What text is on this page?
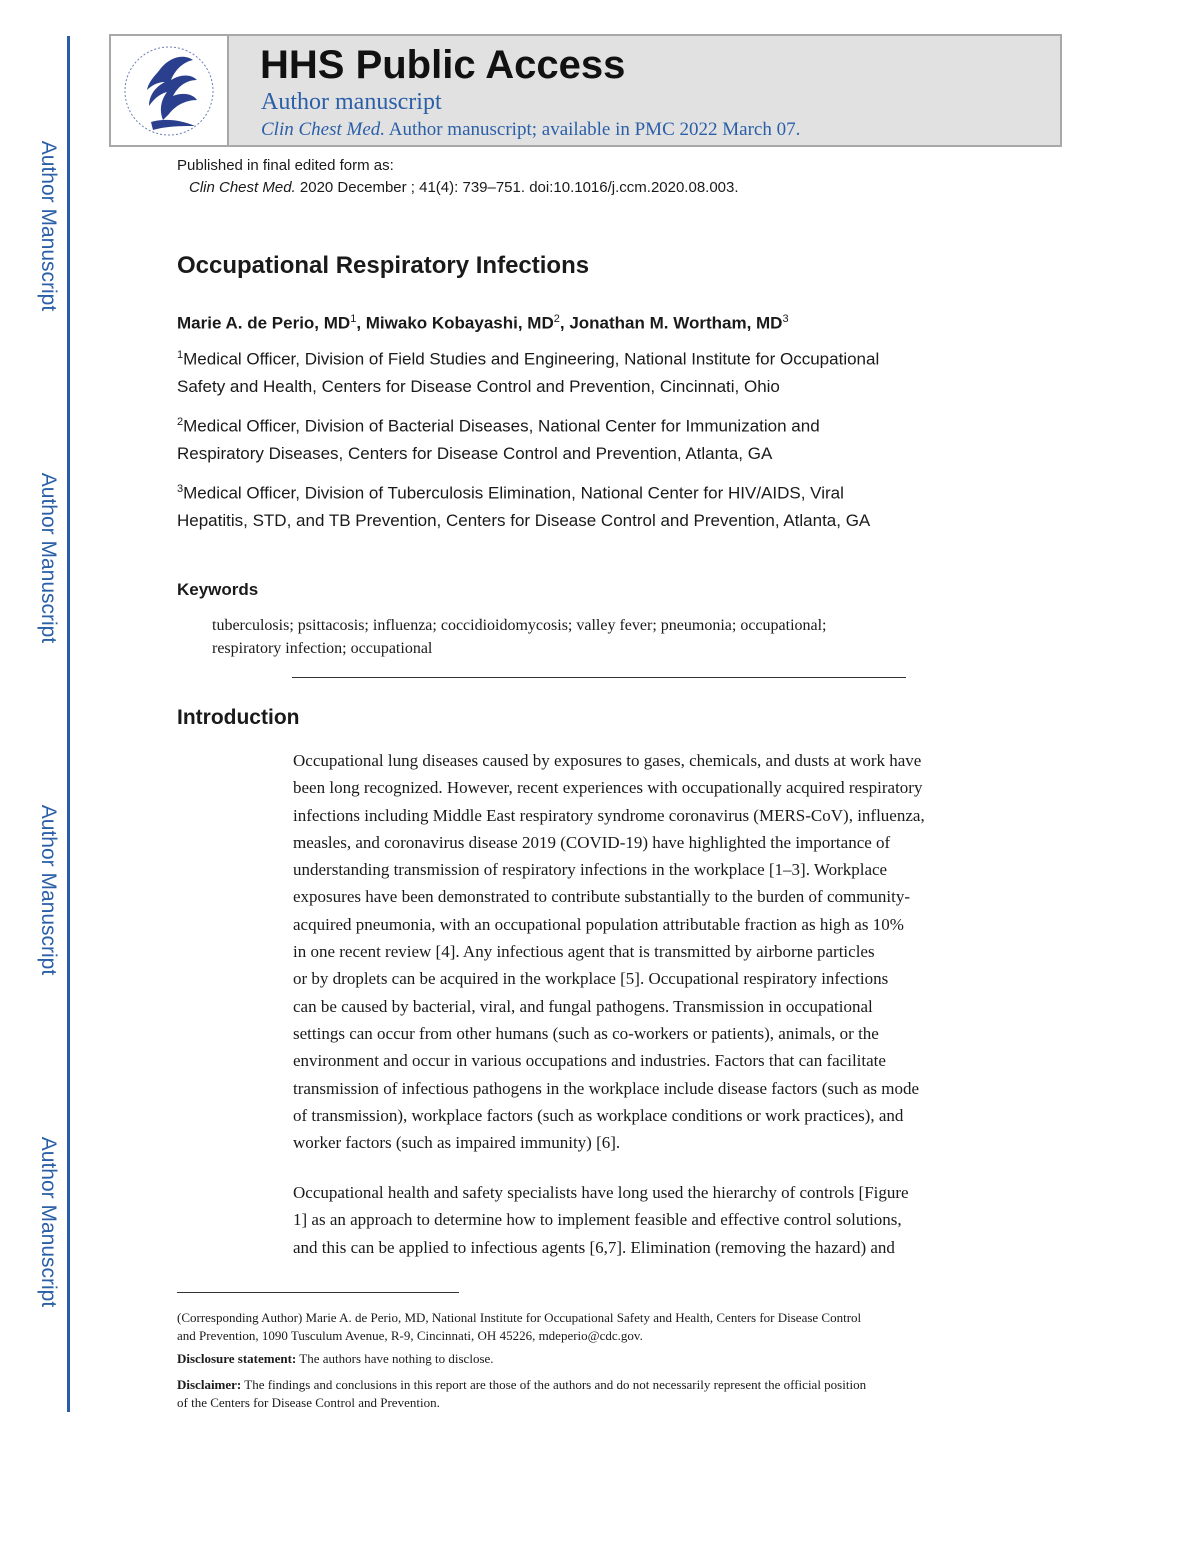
Author Manuscript
Author Manuscript
Author Manuscript
Author Manuscript
HHS Public Access
Author manuscript
Clin Chest Med. Author manuscript; available in PMC 2022 March 07.
Published in final edited form as:
Clin Chest Med. 2020 December ; 41(4): 739–751. doi:10.1016/j.ccm.2020.08.003.
Occupational Respiratory Infections
Marie A. de Perio, $MD^1$, Miwako Kobayashi, $MD^2$, Jonathan M. Wortham, $MD^3$
$^1$Medical Officer, Division of Field Studies and Engineering, National Institute for Occupational
Safety and Health, Centers for Disease Control and Prevention, Cincinnati, Ohio
$^2$Medical Officer, Division of Bacterial Diseases, National Center for Immunization and
Respiratory Diseases, Centers for Disease Control and Prevention, Atlanta, GA
$^3$Medical Officer, Division of Tuberculosis Elimination, National Center for HIV/AIDS, Viral
Hepatitis, STD, and TB Prevention, Centers for Disease Control and Prevention, Atlanta, GA
Keywords
tuberculosis; psittacosis; influenza; coccidioidomycosis; valley fever; pneumonia; occupational;
respiratory infection; occupational
Introduction
Occupational lung diseases caused by exposures to gases, chemicals, and dusts at work have
been long recognized. However, recent experiences with occupationally acquired respiratory
infections including Middle East respiratory syndrome coronavirus (MERS-CoV), influenza,
measles, and coronavirus disease 2019 (COVID-19) have highlighted the importance of
understanding transmission of respiratory infections in the workplace [1–3]. Workplace
exposures have been demonstrated to contribute substantially to the burden of community-
acquired pneumonia, with an occupational population attributable fraction as high as 10%
in one recent review [4]. Any infectious agent that is transmitted by airborne particles
or by droplets can be acquired in the workplace [5]. Occupational respiratory infections
can be caused by bacterial, viral, and fungal pathogens. Transmission in occupational
settings can occur from other humans (such as co-workers or patients), animals, or the
environment and occur in various occupations and industries. Factors that can facilitate
transmission of infectious pathogens in the workplace include disease factors (such as mode
of transmission), workplace factors (such as workplace conditions or work practices), and
worker factors (such as impaired immunity) [6].
Occupational health and safety specialists have long used the hierarchy of controls [Figure
1] as an approach to determine how to implement feasible and effective control solutions,
and this can be applied to infectious agents [6,7]. Elimination (removing the hazard) and
(Corresponding Author) Marie A. de Perio, MD, National Institute for Occupational Safety and Health, Centers for Disease Control
and Prevention, 1090 Tusculum Avenue, R-9, Cincinnati, OH 45226, mdeperio@cdc.gov.
Disclosure statement: The authors have nothing to disclose.
Disclaimer: The findings and conclusions in this report are those of the authors and do not necessarily represent the official position
of the Centers for Disease Control and Prevention.
